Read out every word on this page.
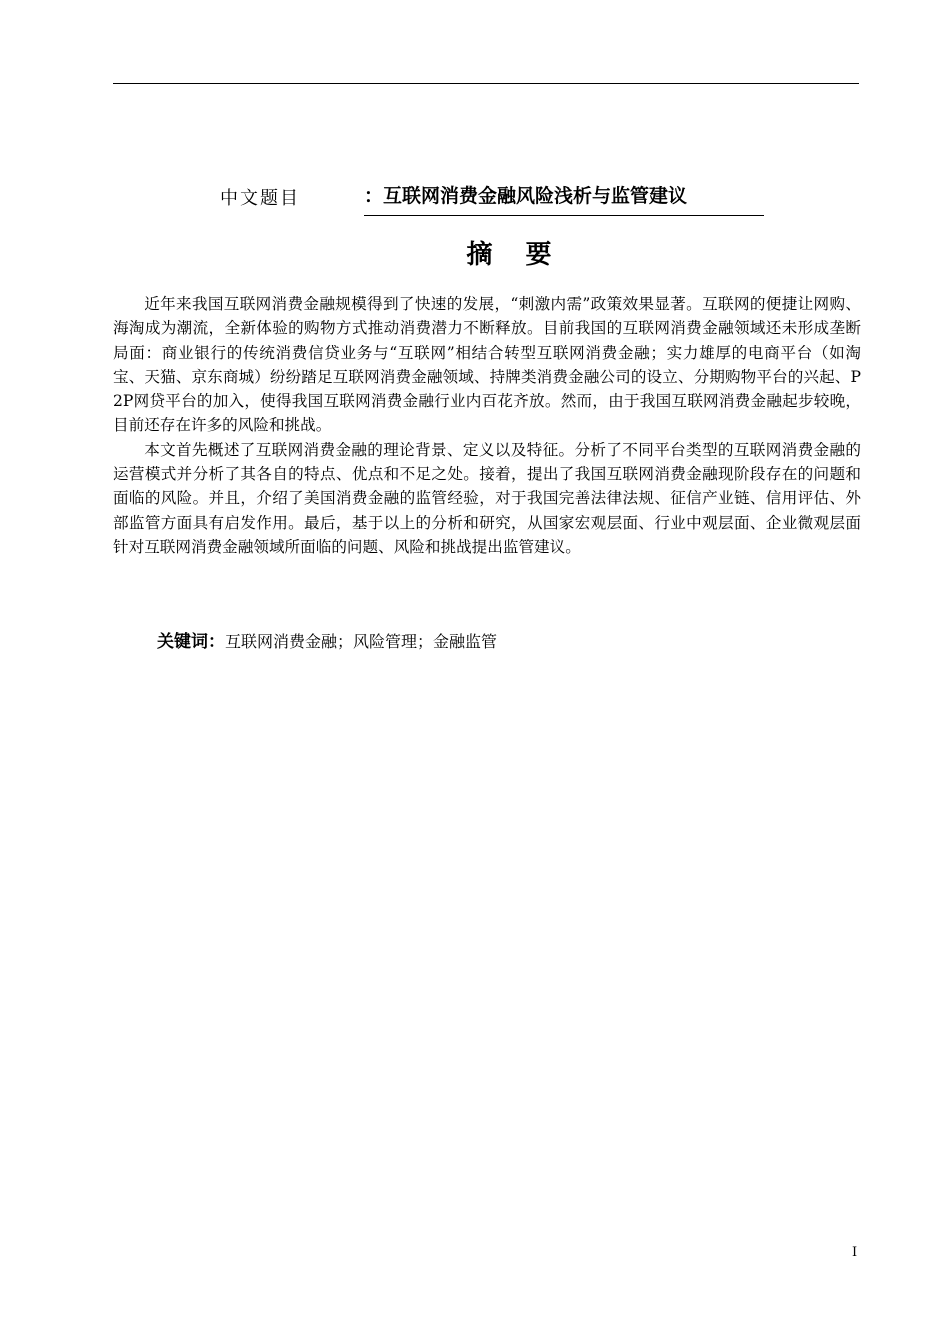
中文题目	：互联网消费金融风险浅析与监管建议
摘 要

近年来我国互联网消费金融规模得到了快速的发展，“刺激内需”政策效果显著。互联网的便捷让网购、海淘成为潮流，全新体验的购物方式推动消费潜力不断释放。目前我国的互联网消费金融领域还未形成垄断局面：商业银行的传统消费信贷业务与“互联网”相结合转型互联网消费金融；实力雄厚的电商平台（如淘宝、天猫、京东商城）纷纷踏足互联网消费金融领域、持牌类消费金融公司的设立、分期购物平台的兴起、P2P网贷平台的加入，使得我国互联网消费金融行业内百花齐放。然而，由于我国互联网消费金融起步较晚，目前还存在许多的风险和挑战。

本文首先概述了互联网消费金融的理论背景、定义以及特征。分析了不同平台类型的互联网消费金融的运营模式并分析了其各自的特点、优点和不足之处。接着，提出了我国互联网消费金融现阶段存在的问题和面临的风险。并且，介绍了美国消费金融的监管经验，对于我国完善法律法规、征信产业链、信用评估、外部监管方面具有启发作用。最后，基于以上的分析和研究，从国家宏观层面、行业中观层面、企业微观层面针对互联网消费金融领域所面临的问题、风险和挑战提出监管建议。

关键词：互联网消费金融；风险管理；金融监管
I
